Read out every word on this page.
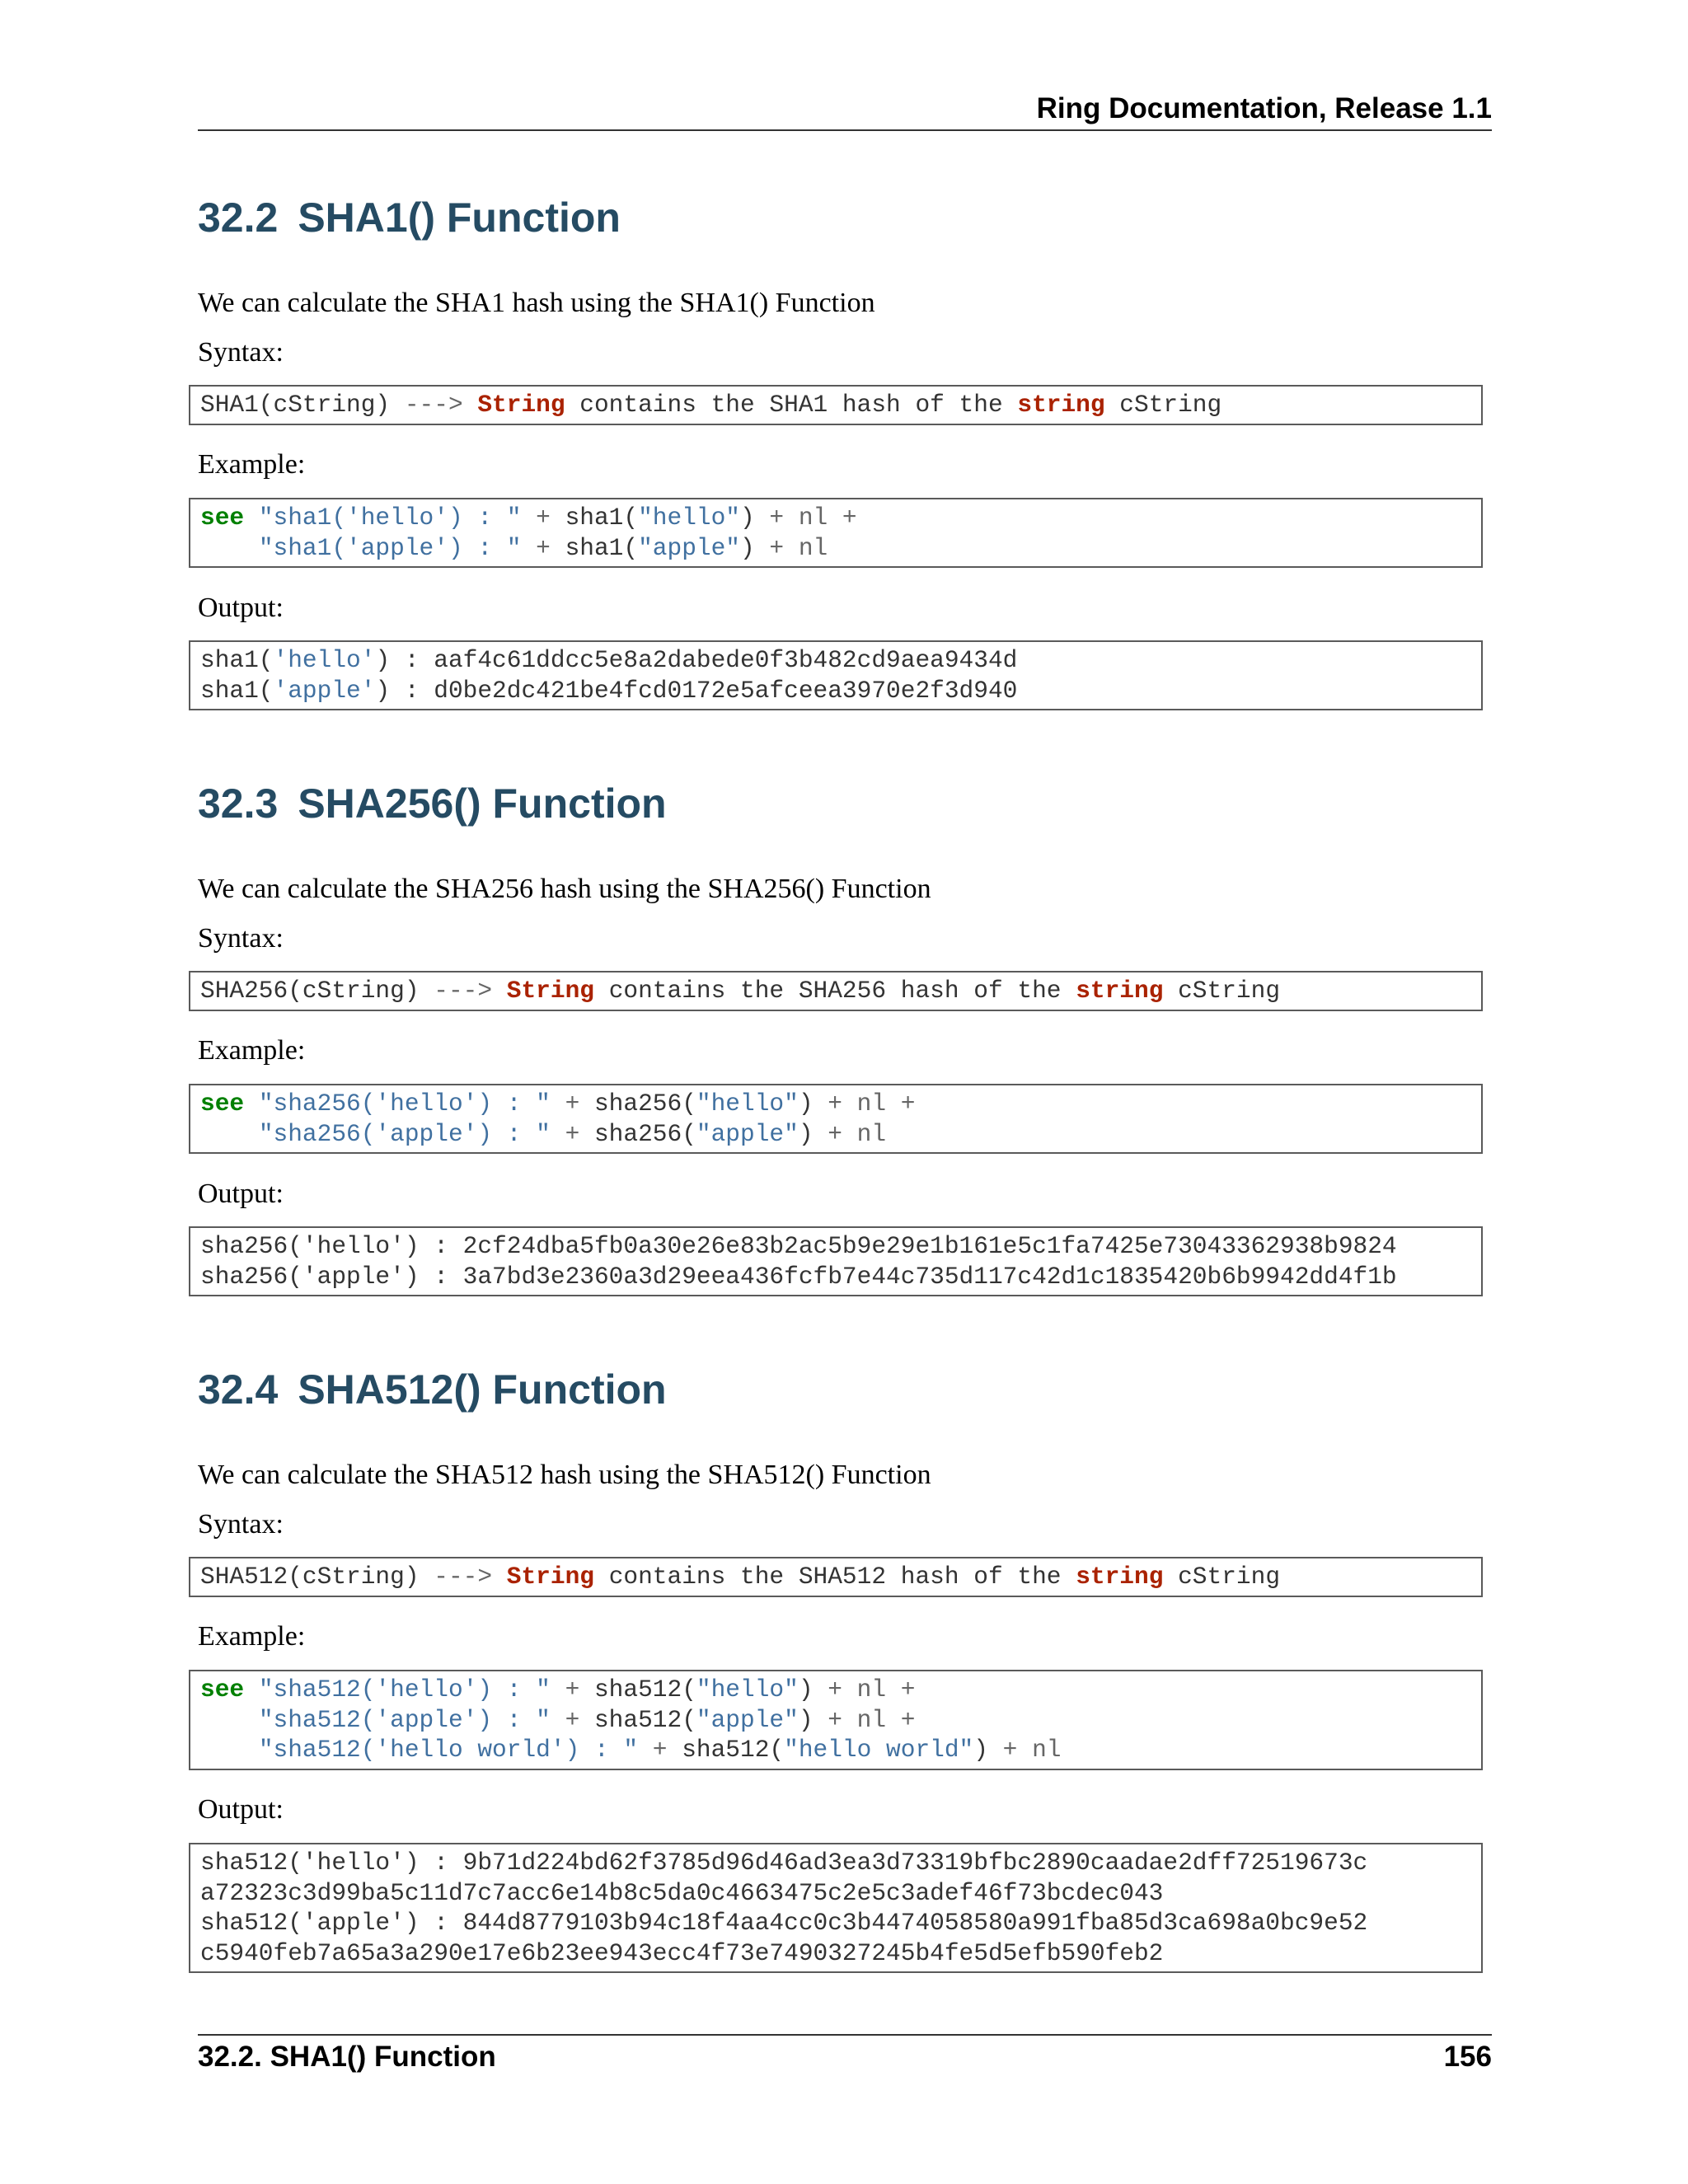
Ring Documentation, Release 1.1
32.2 SHA1() Function

We can calculate the SHA1 hash using the SHA1() Function

Syntax:

SHA1(cString) ---> String contains the SHA1 hash of the string cString

Example:

see "sha1('hello') : " + sha1("hello") + nl +
"sha1('apple') : " + sha1("apple") + nl

Output:

sha1('hello') : aaf4c61ddcc5e8a2dabede0f3b482cd9aea9434d
sha1('apple') : d0be2dc421be4fcd0172e5afceea3970e2f3d940
32.3 SHA256() Function

We can calculate the SHA256 hash using the SHA256() Function

Syntax:

SHA256(cString) ---> String contains the SHA256 hash of the string cString

Example:

see "sha256('hello') : " + sha256("hello") + nl +
"sha256('apple') : " + sha256("apple") + nl

Output:

sha256('hello') : 2cf24dba5fb0a30e26e83b2ac5b9e29e1b161e5c1fa7425e73043362938b9824
sha256('apple') : 3a7bd3e2360a3d29eea436fcfb7e44c735d117c42d1c1835420b6b9942dd4f1b
32.4 SHA512() Function

We can calculate the SHA512 hash using the SHA512() Function

Syntax:

SHA512(cString) ---> String contains the SHA512 hash of the string cString

Example:

see "sha512('hello') : " + sha512("hello") + nl +
"sha512('apple') : " + sha512("apple") + nl +
"sha512('hello world') : " + sha512("hello world") + nl

Output:

sha512('hello') : 9b71d224bd62f3785d96d46ad3ea3d73319bfbc2890caadae2dff72519673c
a72323c3d99ba5c11d7c7acc6e14b8c5da0c4663475c2e5c3adef46f73bcdec043
sha512('apple') : 844d8779103b94c18f4aa4cc0c3b4474058580a991fba85d3ca698a0bc9e52
c5940feb7a65a3a290e17e6b23ee943ecc4f73e7490327245b4fe5d5efb590feb2
32.2. SHA1() Function	156
